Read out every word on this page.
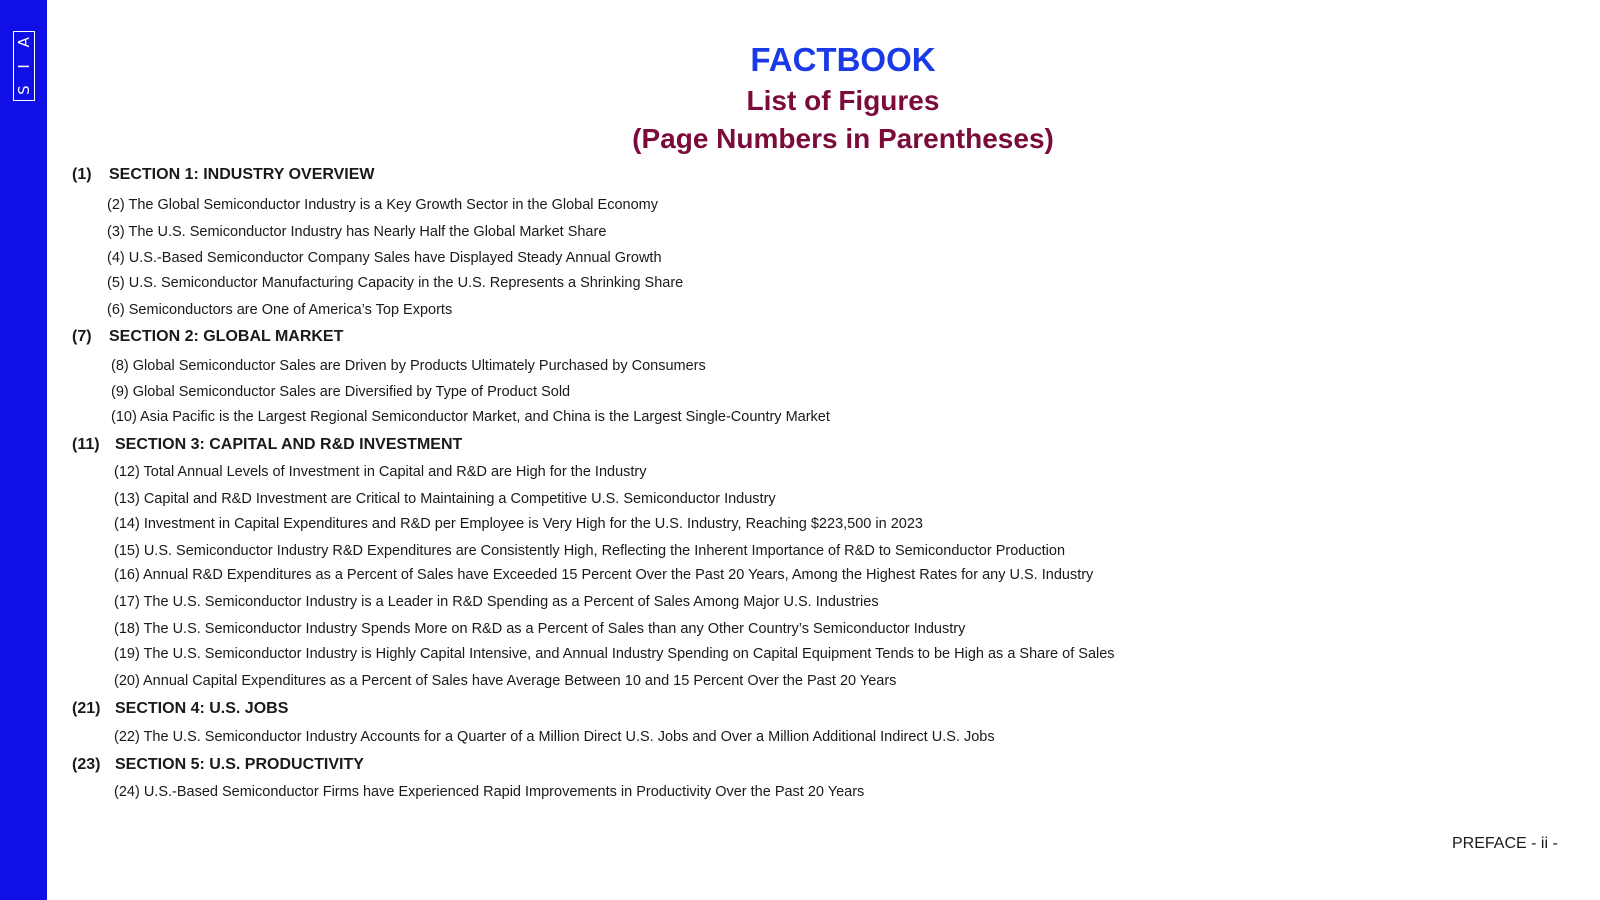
S I A	FACTBOOK
List of Figures
(Page Numbers in Parentheses)
(1) SECTION 1: INDUSTRY OVERVIEW
(2) The Global Semiconductor Industry is a Key Growth Sector in the Global Economy
(3) The U.S. Semiconductor Industry has Nearly Half the Global Market Share
(4) U.S.-Based Semiconductor Company Sales have Displayed Steady Annual Growth
(5) U.S. Semiconductor Manufacturing Capacity in the U.S. Represents a Shrinking Share
(6) Semiconductors are One of America’s Top Exports
(7) SECTION 2: GLOBAL MARKET
(8) Global Semiconductor Sales are Driven by Products Ultimately Purchased by Consumers
(9) Global Semiconductor Sales are Diversified by Type of Product Sold
(10) Asia Pacific is the Largest Regional Semiconductor Market, and China is the Largest Single-Country Market
(11) SECTION 3: CAPITAL AND R&D INVESTMENT
(12) Total Annual Levels of Investment in Capital and R&D are High for the Industry
(13) Capital and R&D Investment are Critical to Maintaining a Competitive U.S. Semiconductor Industry
(14) Investment in Capital Expenditures and R&D per Employee is Very High for the U.S. Industry, Reaching $223,500 in 2023
(15) U.S. Semiconductor Industry R&D Expenditures are Consistently High, Reflecting the Inherent Importance of R&D to Semiconductor Production
(16) Annual R&D Expenditures as a Percent of Sales have Exceeded 15 Percent Over the Past 20 Years, Among the Highest Rates for any U.S. Industry
(17) The U.S. Semiconductor Industry is a Leader in R&D Spending as a Percent of Sales Among Major U.S. Industries
(18) The U.S. Semiconductor Industry Spends More on R&D as a Percent of Sales than any Other Country’s Semiconductor Industry
(19) The U.S. Semiconductor Industry is Highly Capital Intensive, and Annual Industry Spending on Capital Equipment Tends to be High as a Share of Sales
(20) Annual Capital Expenditures as a Percent of Sales have Average Between 10 and 15 Percent Over the Past 20 Years
(21) SECTION 4: U.S. JOBS
(22) The U.S. Semiconductor Industry Accounts for a Quarter of a Million Direct U.S. Jobs and Over a Million Additional Indirect U.S. Jobs
(23) SECTION 5: U.S. PRODUCTIVITY
(24) U.S.-Based Semiconductor Firms have Experienced Rapid Improvements in Productivity Over the Past 20 Years
PREFACE - ii -
